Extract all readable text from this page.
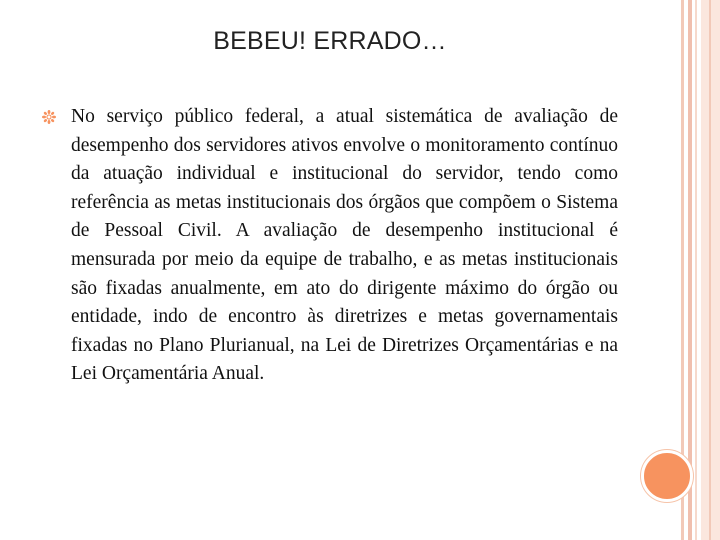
BEBEU! ERRADO…
No serviço público federal, a atual sistemática de avaliação de desempenho dos servidores ativos envolve o monitoramento contínuo da atuação individual e institucional do servidor, tendo como referência as metas institucionais dos órgãos que compõem o Sistema de Pessoal Civil. A avaliação de desempenho institucional é mensurada por meio da equipe de trabalho, e as metas institucionais são fixadas anualmente, em ato do dirigente máximo do órgão ou entidade, indo de encontro às diretrizes e metas governamentais fixadas no Plano Plurianual, na Lei de Diretrizes Orçamentárias e na Lei Orçamentária Anual.
